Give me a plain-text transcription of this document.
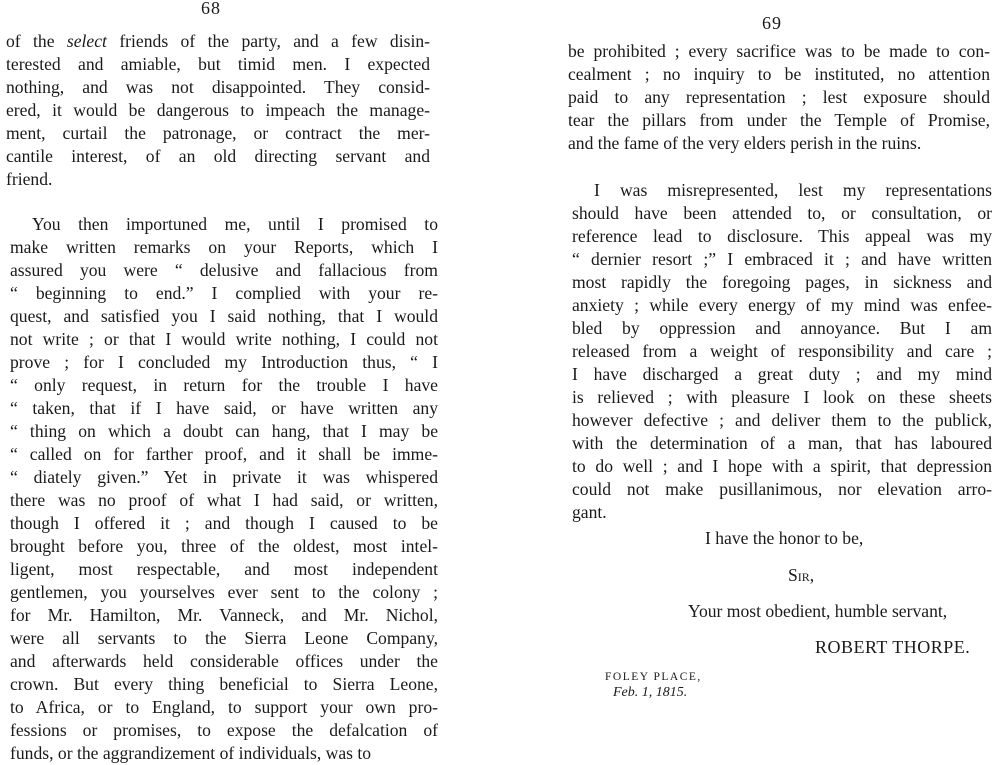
68
of the select friends of the party, and a few disin-
terested and amiable, but timid men. I expected
nothing, and was not disappointed. They consid-
ered, it would be dangerous to impeach the manage-
ment, curtail the patronage, or contract the mer-
cantile interest, of an old directing servant and
friend.
You then importuned me, until I promised to
make written remarks on your Reports, which I
assured you were “ delusive and fallacious from
“ beginning to end.” I complied with your re-
quest, and satisfied you I said nothing, that I would
not write ; or that I would write nothing, I could not
prove ; for I concluded my Introduction thus, “ I
“ only request, in return for the trouble I have
“ taken, that if I have said, or have written any
“ thing on which a doubt can hang, that I may be
“ called on for farther proof, and it shall be imme-
“ diately given.” Yet in private it was whispered
there was no proof of what I had said, or written,
though I offered it ; and though I caused to be
brought before you, three of the oldest, most intel-
ligent, most respectable, and most independent
gentlemen, you yourselves ever sent to the colony ;
for Mr. Hamilton, Mr. Vanneck, and Mr. Nichol,
were all servants to the Sierra Leone Company,
and afterwards held considerable offices under the
crown. But every thing beneficial to Sierra Leone,
to Africa, or to England, to support your own pro-
fessions or promises, to expose the defalcation of
funds, or the aggrandizement of individuals, was to
69
be prohibited ; every sacrifice was to be made to con-
cealment ; no inquiry to be instituted, no attention
paid to any representation ; lest exposure should
tear the pillars from under the Temple of Promise,
and the fame of the very elders perish in the ruins.
I was misrepresented, lest my representations
should have been attended to, or consultation, or
reference lead to disclosure. This appeal was my
“ dernier resort ;” I embraced it ; and have written
most rapidly the foregoing pages, in sickness and
anxiety ; while every energy of my mind was enfee-
bled by oppression and annoyance. But I am
released from a weight of responsibility and care ;
I have discharged a great duty ; and my mind
is relieved ; with pleasure I look on these sheets
however defective ; and deliver them to the publick,
with the determination of a man, that has laboured
to do well ; and I hope with a spirit, that depression
could not make pusillanimous, nor elevation arro-
gant.
I have the honor to be,
Sir,
Your most obedient, humble servant,
ROBERT THORPE.
FOLEY PLACE,
Feb. 1, 1815.
